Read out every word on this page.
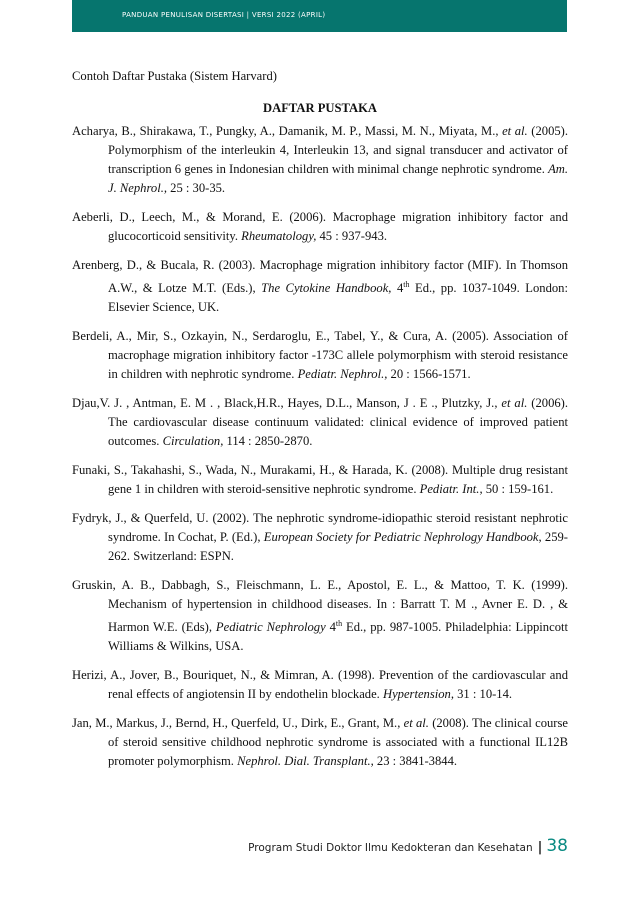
PANDUAN PENULISAN DISERTASI | VERSI 2022 (APRIL)

Contoh Daftar Pustaka (Sistem Harvard)

DAFTAR PUSTAKA

Acharya, B., Shirakawa, T., Pungky, A., Damanik, M. P., Massi, M. N., Miyata, M., et al. (2005). Polymorphism of the interleukin 4, Interleukin 13, and signal transducer and activator of transcription 6 genes in Indonesian children with minimal change nephrotic syndrome. Am. J. Nephrol., 25 : 30-35.

Aeberli, D., Leech, M., & Morand, E. (2006). Macrophage migration inhibitory factor and glucocorticoid sensitivity. Rheumatology, 45 : 937-943.

Arenberg, D., & Bucala, R. (2003). Macrophage migration inhibitory factor (MIF). In Thomson A.W., & Lotze M.T. (Eds.), The Cytokine Handbook, 4th Ed., pp. 1037-1049. London: Elsevier Science, UK.

Berdeli, A., Mir, S., Ozkayin, N., Serdaroglu, E., Tabel, Y., & Cura, A. (2005). Association of macrophage migration inhibitory factor -173C allele polymorphism with steroid resistance in children with nephrotic syndrome. Pediatr. Nephrol., 20 : 1566-1571.

Djau,V. J. , Antman, E. M . , Black,H.R., Hayes, D.L., Manson, J . E ., Plutzky, J., et al. (2006). The cardiovascular disease continuum validated: clinical evidence of improved patient outcomes. Circulation, 114 : 2850-2870.

Funaki, S., Takahashi, S., Wada, N., Murakami, H., & Harada, K. (2008). Multiple drug resistant gene 1 in children with steroid-sensitive nephrotic syndrome. Pediatr. Int., 50 : 159-161.

Fydryk, J., & Querfeld, U. (2002). The nephrotic syndrome-idiopathic steroid resistant nephrotic syndrome. In Cochat, P. (Ed.), European Society for Pediatric Nephrology Handbook, 259-262. Switzerland: ESPN.

Gruskin, A. B., Dabbagh, S., Fleischmann, L. E., Apostol, E. L., & Mattoo, T. K. (1999). Mechanism of hypertension in childhood diseases. In : Barratt T. M ., Avner E. D. , & Harmon W.E. (Eds), Pediatric Nephrology 4th Ed., pp. 987-1005. Philadelphia: Lippincott Williams & Wilkins, USA.

Herizi, A., Jover, B., Bouriquet, N., & Mimran, A. (1998). Prevention of the cardiovascular and renal effects of angiotensin II by endothelin blockade. Hypertension, 31 : 10-14.

Jan, M., Markus, J., Bernd, H., Querfeld, U., Dirk, E., Grant, M., et al. (2008). The clinical course of steroid sensitive childhood nephrotic syndrome is associated with a functional IL12B promoter polymorphism. Nephrol. Dial. Transplant., 23 : 3841-3844.

Program Studi Doktor Ilmu Kedokteran dan Kesehatan | 38
